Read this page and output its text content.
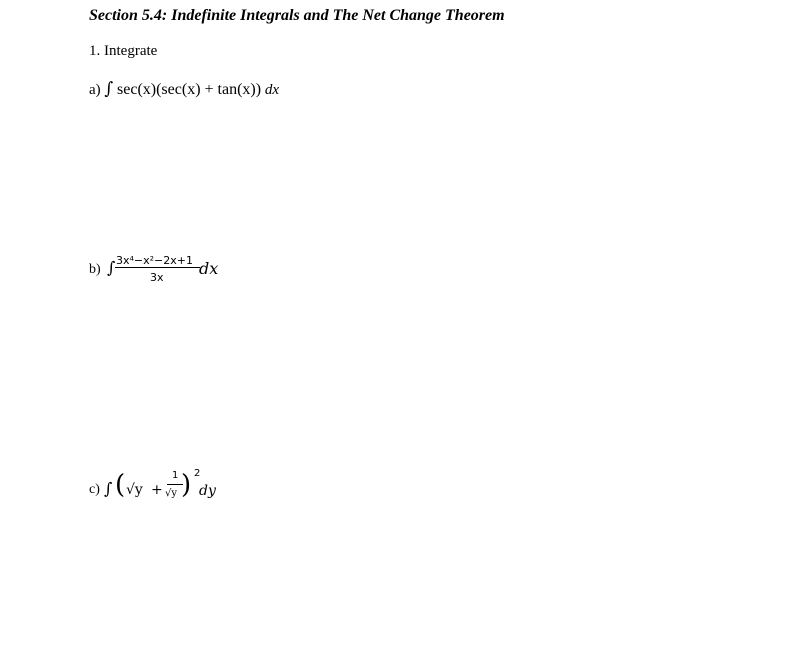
Section 5.4: Indefinite Integrals and The Net Change Theorem
1. Integrate
a) ∫ sec(x)(sec(x) + tan(x)) dx
b) ∫ 3x⁴−x²−2x+1
3x dx
c) ∫ ( √y +
1
√y ) 2
dy
